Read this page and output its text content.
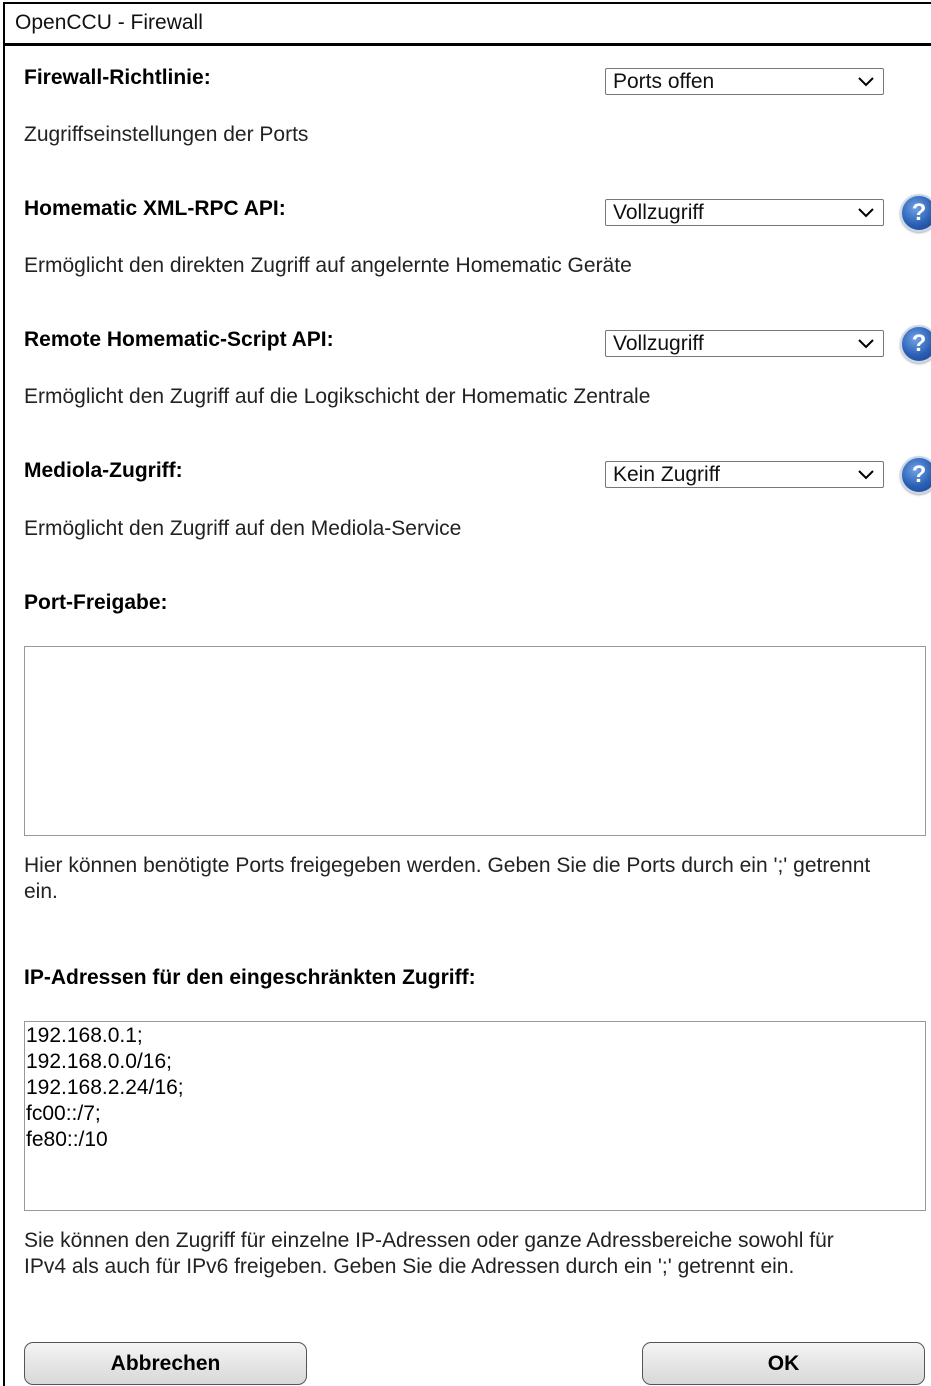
OpenCCU - Firewall
Firewall-Richtlinie:	Ports offen
Zugriffseinstellungen der Ports
Homematic XML-RPC API:	Vollzugriff	?
Ermöglicht den direkten Zugriff auf angelernte Homematic Geräte
Remote Homematic-Script API:	Vollzugriff	?
Ermöglicht den Zugriff auf die Logikschicht der Homematic Zentrale
Mediola-Zugriff:	Kein Zugriff	?
Ermöglicht den Zugriff auf den Mediola-Service
Port-Freigabe:
Hier können benötigte Ports freigegeben werden. Geben Sie die Ports durch ein ';' getrennt
ein.
IP-Adressen für den eingeschränkten Zugriff:
192.168.0.1;
192.168.0.0/16;
192.168.2.24/16;
fc00::/7;
fe80::/10
Sie können den Zugriff für einzelne IP-Adressen oder ganze Adressbereiche sowohl für
IPv4 als auch für IPv6 freigeben. Geben Sie die Adressen durch ein ';' getrennt ein.
Abbrechen	OK
